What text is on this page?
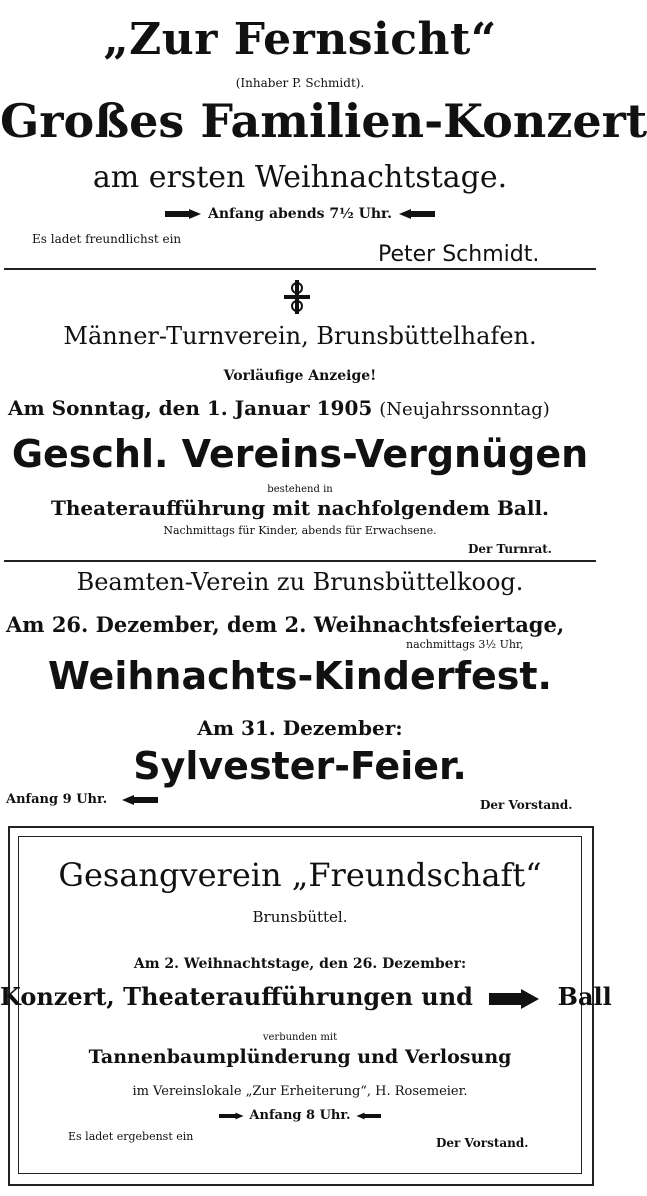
„Zur Fernsicht“
(Inhaber P. Schmidt).
Großes Familien-Konzert
am ersten Weihnachtstage.
Anfang abends 7½ Uhr.
Es ladet freundlichst ein
Peter Schmidt.
Männer-Turnverein, Brunsbüttelhafen.
Vorläufige Anzeige!
Am Sonntag, den 1. Januar 1905 (Neujahrssonntag)
Geschl. Vereins-Vergnügen
bestehend in
Theateraufführung mit nachfolgendem Ball.
Nachmittags für Kinder, abends für Erwachsene.
Der Turnrat.
Beamten-Verein zu Brunsbüttelkoog.
Am 26. Dezember, dem 2. Weihnachtsfeiertage,
nachmittags 3½ Uhr,
Weihnachts-Kinderfest.
Am 31. Dezember:
Sylvester-Feier.
Anfang 9 Uhr.	Der Vorstand.
Gesangverein „Freundschaft“
Brunsbüttel.
Am 2. Weihnachtstage, den 26. Dezember:
Konzert, Theateraufführungen und	Ball
verbunden mit
Tannenbaumplünderung und Verlosung
im Vereinslokale „Zur Erheiterung“, H. Rosemeier.
Anfang 8 Uhr.
Es ladet ergebenst ein	Der Vorstand.
